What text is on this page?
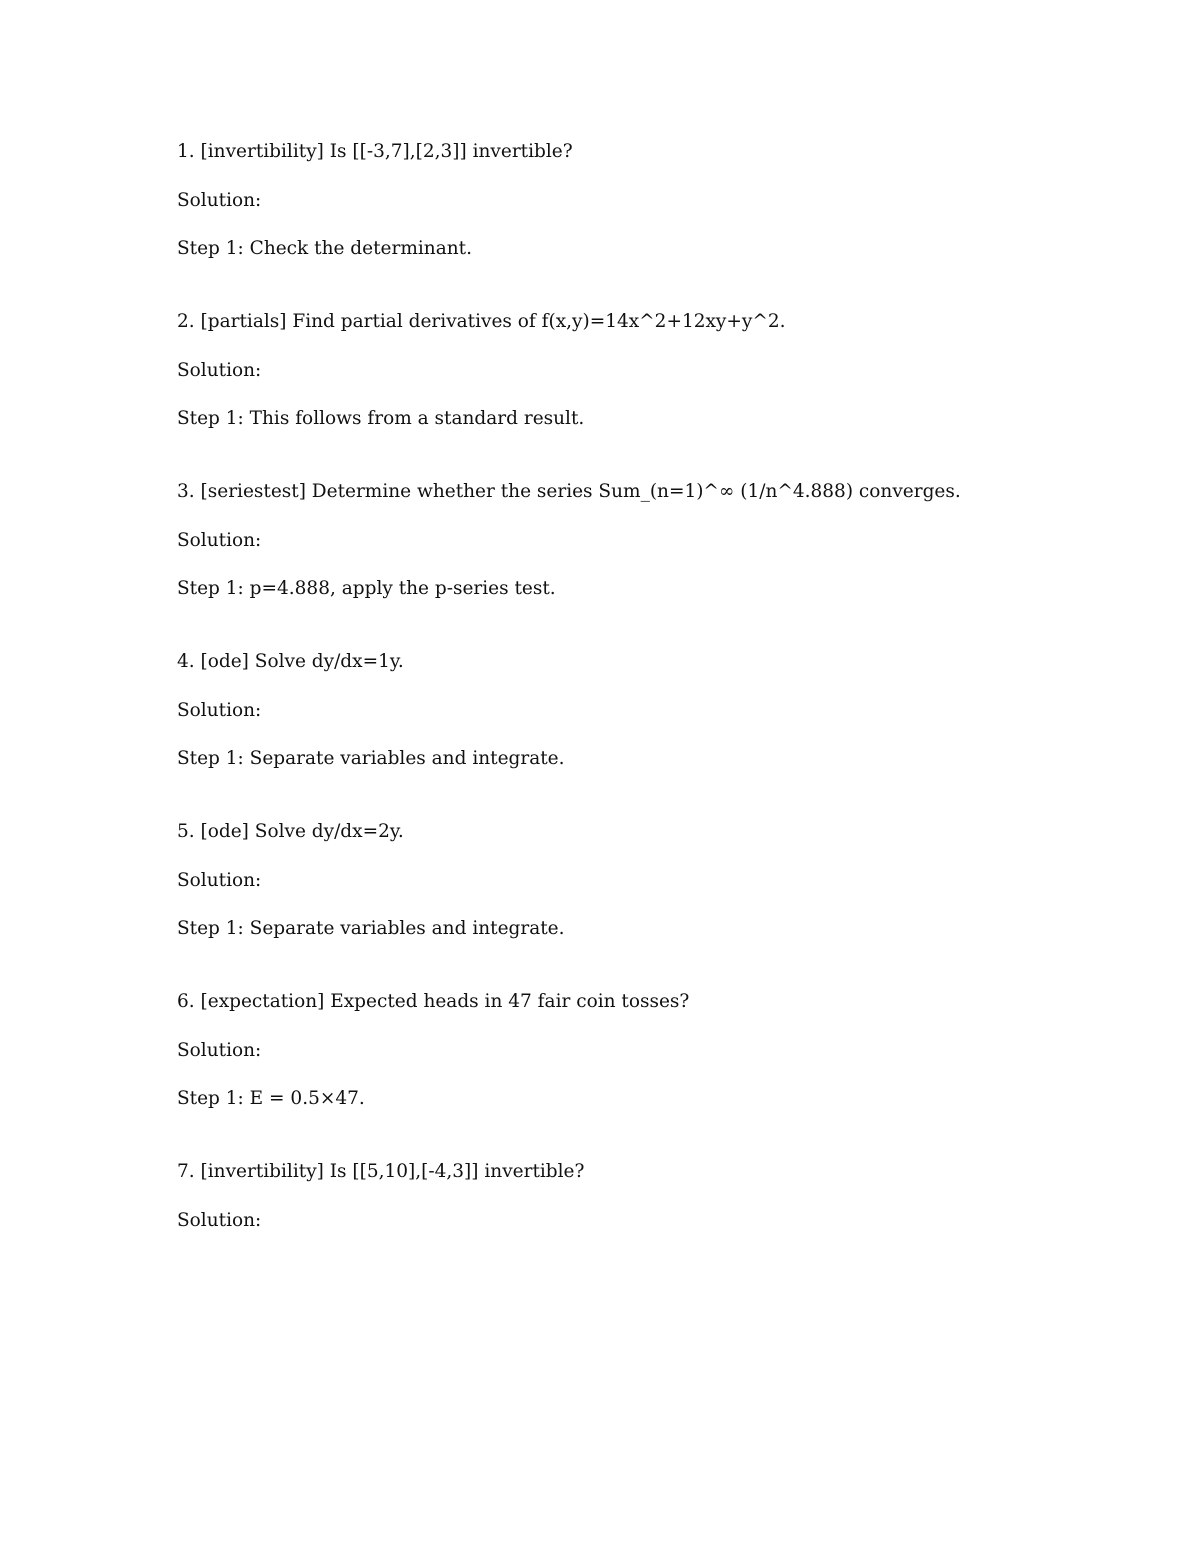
1. [invertibility] Is [[-3,7],[2,3]] invertible?
Solution:
Step 1: Check the determinant.
2. [partials] Find partial derivatives of f(x,y)=14x^2+12xy+y^2.
Solution:
Step 1: This follows from a standard result.
3. [seriestest] Determine whether the series Sum_(n=1)^∞ (1/n^4.888) converges.
Solution:
Step 1: p=4.888, apply the p-series test.
4. [ode] Solve dy/dx=1y.
Solution:
Step 1: Separate variables and integrate.
5. [ode] Solve dy/dx=2y.
Solution:
Step 1: Separate variables and integrate.
6. [expectation] Expected heads in 47 fair coin tosses?
Solution:
Step 1: E = 0.5×47.
7. [invertibility] Is [[5,10],[-4,3]] invertible?
Solution:
